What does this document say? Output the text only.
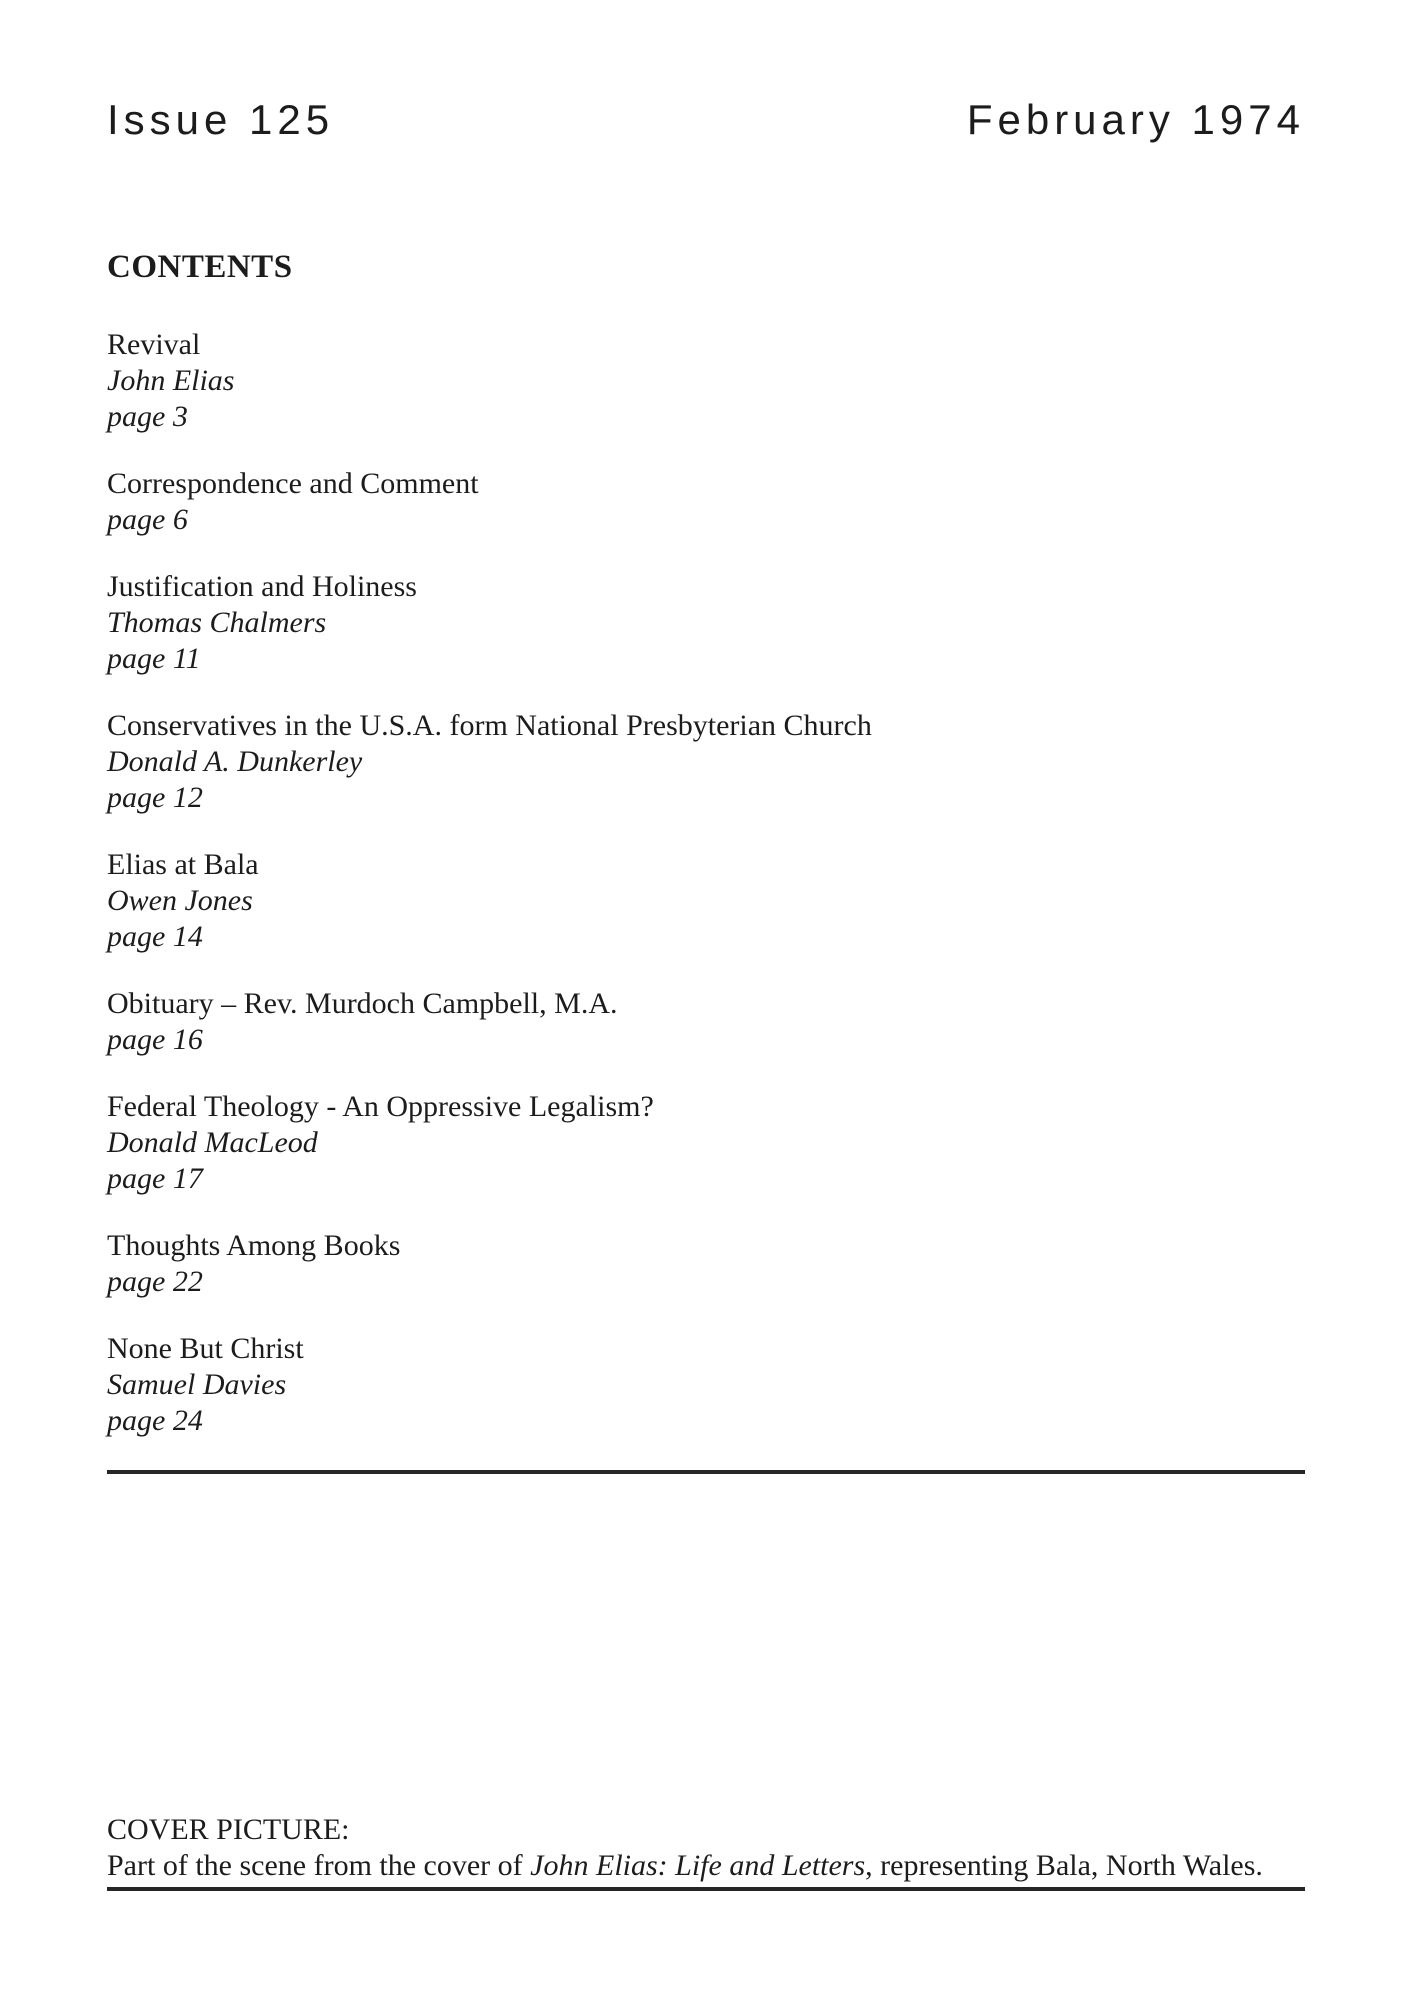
Issue 125	February 1974
CONTENTS
Revival
John Elias
page 3
Correspondence and Comment
page 6
Justification and Holiness
Thomas Chalmers
page 11
Conservatives in the U.S.A. form National Presbyterian Church
Donald A. Dunkerley
page 12
Elias at Bala
Owen Jones
page 14
Obituary – Rev. Murdoch Campbell, M.A.
page 16
Federal Theology - An Oppressive Legalism?
Donald MacLeod
page 17
Thoughts Among Books
page 22
None But Christ
Samuel Davies
page 24
COVER PICTURE:
Part of the scene from the cover of John Elias: Life and Letters, representing Bala, North Wales.
